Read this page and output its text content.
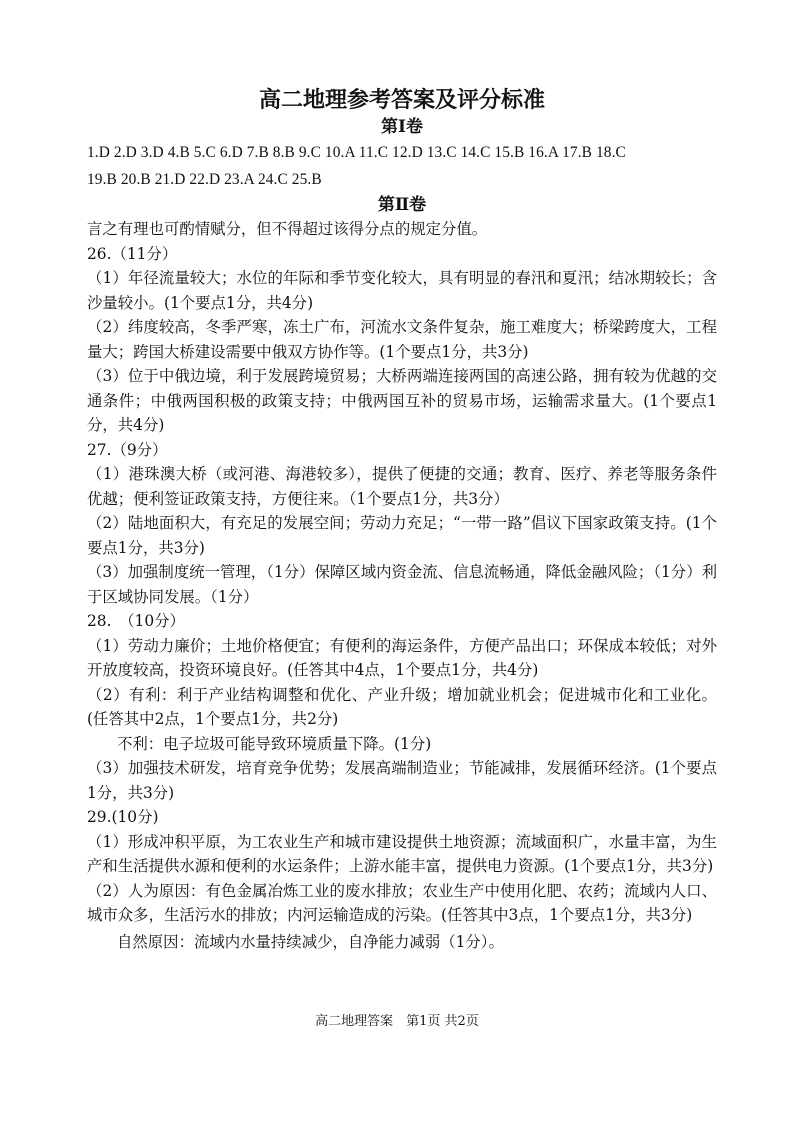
高二地理参考答案及评分标准
第Ⅰ卷
1.D 2.D 3.D 4.B 5.C 6.D 7.B 8.B 9.C 10.A 11.C 12.D 13.C 14.C 15.B 16.A 17.B 18.C
19.B 20.B 21.D 22.D 23.A 24.C 25.B
第Ⅱ卷
言之有理也可酌情赋分，但不得超过该得分点的规定分值。
26.（11分）
（1）年径流量较大；水位的年际和季节变化较大，具有明显的春汛和夏汛；结冰期较长；含沙量较小。(1个要点1分，共4分)
（2）纬度较高，冬季严寒，冻土广布，河流水文条件复杂，施工难度大；桥梁跨度大，工程量大；跨国大桥建设需要中俄双方协作等。(1个要点1分，共3分)
（3）位于中俄边境，利于发展跨境贸易；大桥两端连接两国的高速公路，拥有较为优越的交通条件；中俄两国积极的政策支持；中俄两国互补的贸易市场，运输需求量大。(1个要点1分，共4分)
27.（9分）
（1）港珠澳大桥（或河港、海港较多），提供了便捷的交通；教育、医疗、养老等服务条件优越；便利签证政策支持，方便往来。（1个要点1分，共3分）
（2）陆地面积大，有充足的发展空间；劳动力充足；“一带一路”倡议下国家政策支持。(1个要点1分，共3分)
（3）加强制度统一管理，（1分）保障区域内资金流、信息流畅通，降低金融风险；（1分）利于区域协同发展。（1分）
28.　（10分）
（1）劳动力廉价；土地价格便宜；有便利的海运条件，方便产品出口；环保成本较低；对外开放度较高，投资环境良好。(任答其中4点，1个要点1分，共4分)
（2）有利：利于产业结构调整和优化、产业升级；增加就业机会；促进城市化和工业化。(任答其中2点，1个要点1分，共2分)
不利：电子垃圾可能导致环境质量下降。(1分)
（3）加强技术研发，培育竞争优势；发展高端制造业；节能减排，发展循环经济。(1个要点1分，共3分)
29.(10分)
（1）形成冲积平原，为工农业生产和城市建设提供土地资源；流域面积广，水量丰富，为生产和生活提供水源和便利的水运条件；上游水能丰富，提供电力资源。(1个要点1分，共3分)
（2）人为原因：有色金属冶炼工业的废水排放；农业生产中使用化肥、农药；流域内人口、城市众多，生活污水的排放；内河运输造成的污染。(任答其中3点，1个要点1分，共3分)
自然原因：流域内水量持续减少，自净能力减弱（1分）。
高二地理答案　第1页 共2页
